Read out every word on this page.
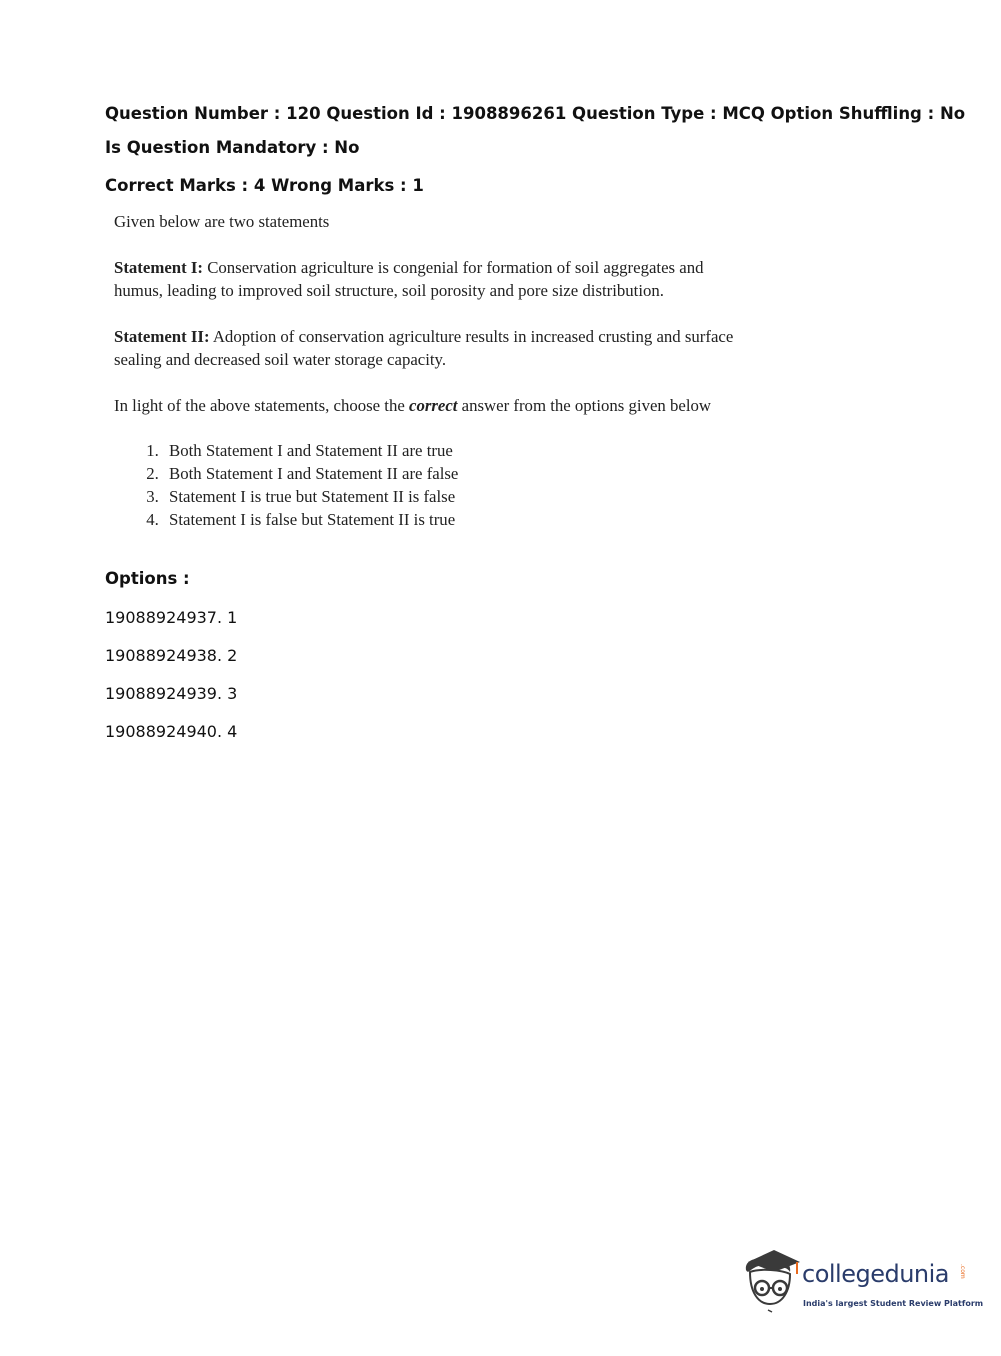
Question Number : 120 Question Id : 1908896261 Question Type : MCQ Option Shuffling : No
Is Question Mandatory : No
Correct Marks : 4 Wrong Marks : 1

Given below are two statements

Statement I: Conservation agriculture is congenial for formation of soil aggregates and humus, leading to improved soil structure, soil porosity and pore size distribution.

Statement II: Adoption of conservation agriculture results in increased crusting and surface sealing and decreased soil water storage capacity.

In light of the above statements, choose the correct answer from the options given below

1. Both Statement I and Statement II are true
2. Both Statement I and Statement II are false
3. Statement I is true but Statement II is false
4. Statement I is false but Statement II is true
Options :
19088924937. 1
19088924938. 2
19088924939. 3
19088924940. 4
collegedunia .com
India's largest Student Review Platform
